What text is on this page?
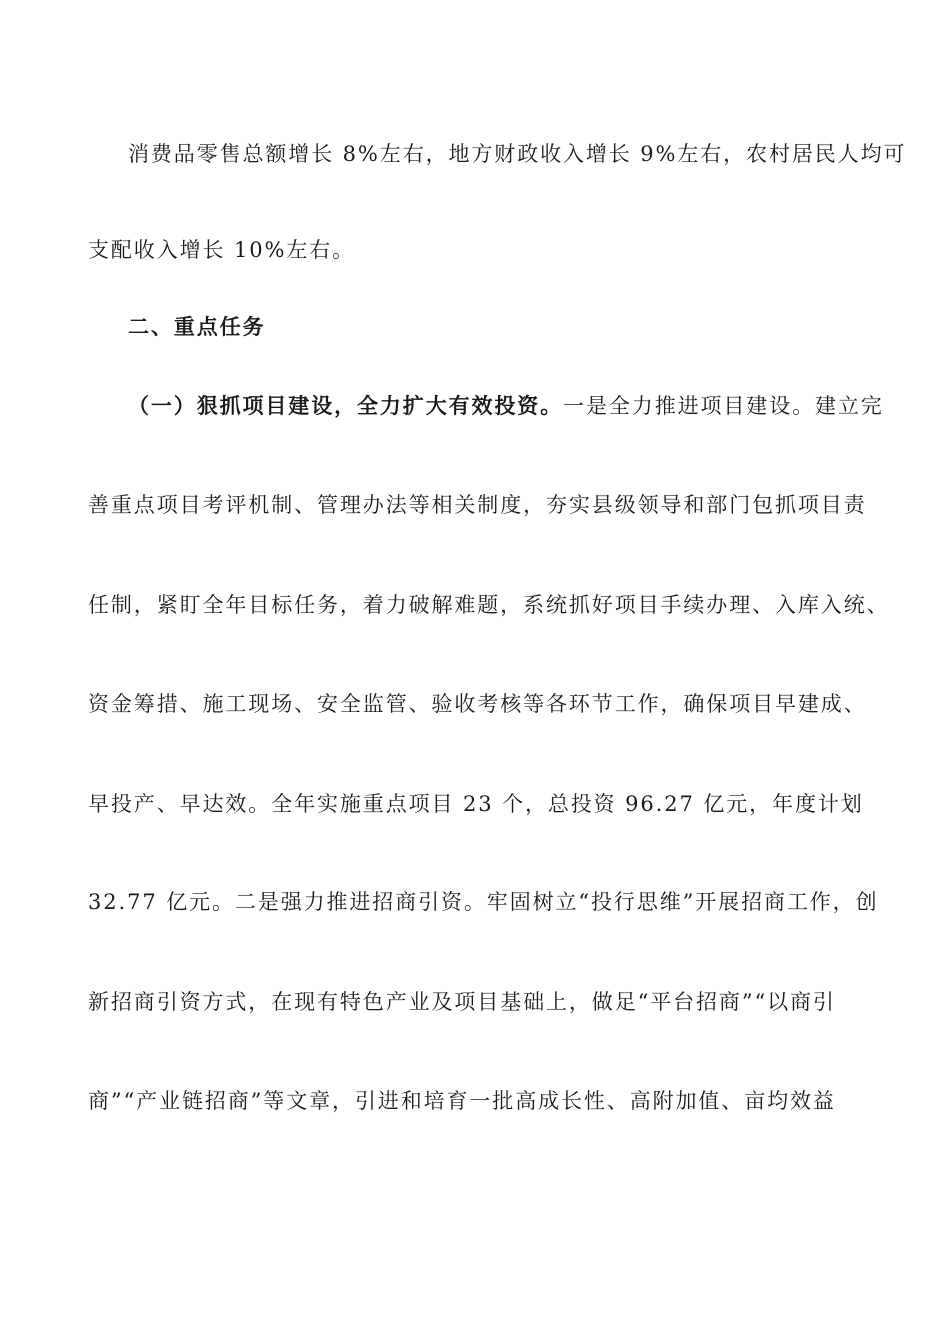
消费品零售总额增长 8%左右，地方财政收入增长 9%左右，农村居民人均可
支配收入增长 10%左右。
二、重点任务
（一）狠抓项目建设，全力扩大有效投资。一是全力推进项目建设。建立完
善重点项目考评机制、管理办法等相关制度，夯实县级领导和部门包抓项目责
任制，紧盯全年目标任务，着力破解难题，系统抓好项目手续办理、入库入统、
资金筹措、施工现场、安全监管、验收考核等各环节工作，确保项目早建成、
早投产、早达效。全年实施重点项目 23 个，总投资 96.27 亿元，年度计划
32.77 亿元。二是强力推进招商引资。牢固树立“投行思维”开展招商工作，创
新招商引资方式，在现有特色产业及项目基础上，做足“平台招商”“以商引
商”“产业链招商”等文章，引进和培育一批高成长性、高附加值、亩均效益
